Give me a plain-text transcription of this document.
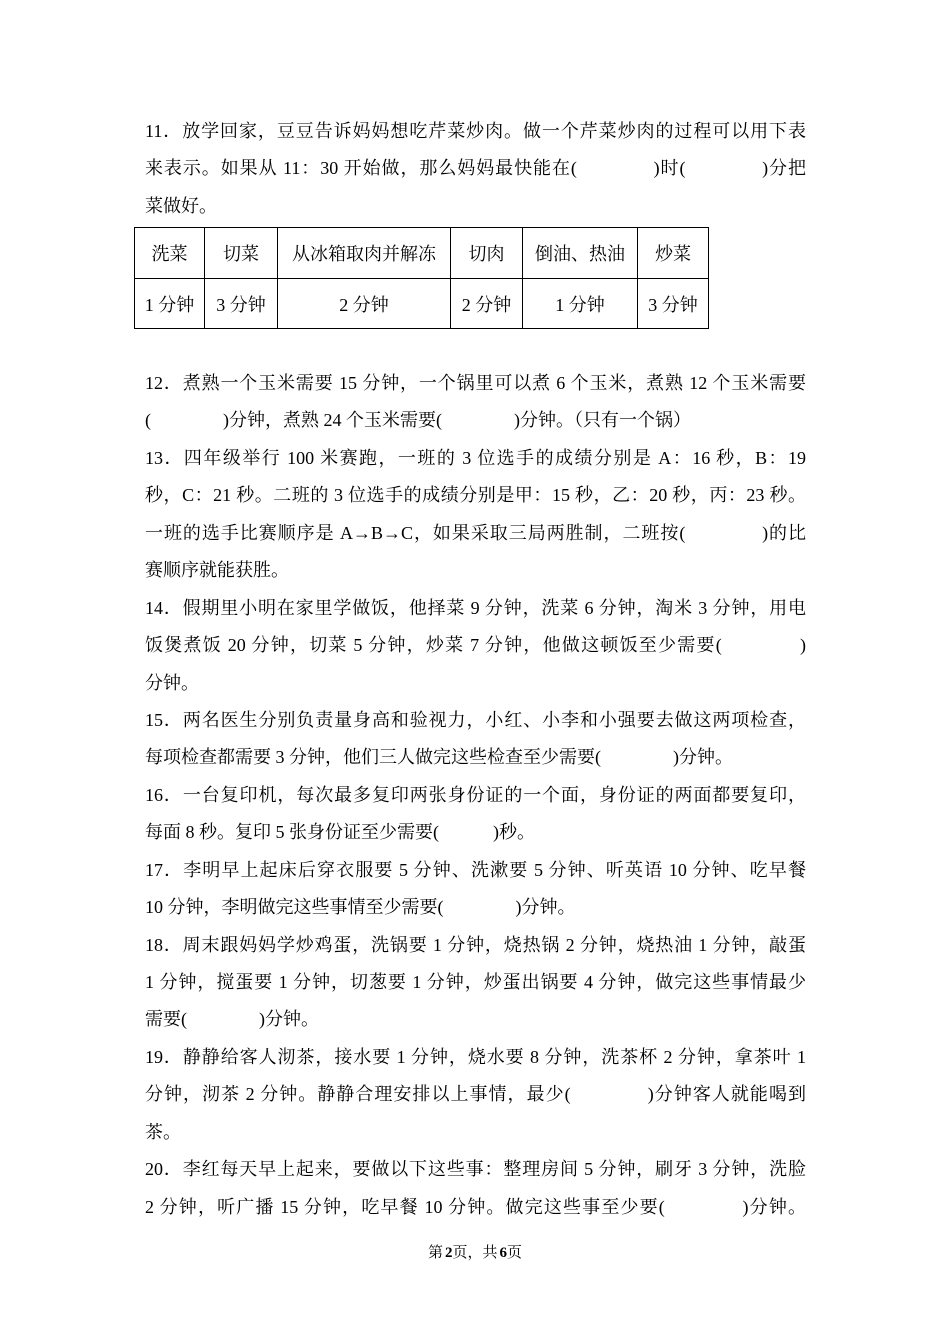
11．放学回家，豆豆告诉妈妈想吃芹菜炒肉。做一个芹菜炒肉的过程可以用下表
来表示。如果从 11：30 开始做，那么妈妈最快能在(　　　　)时(　　　　)分把
菜做好。
洗菜	切菜	从冰箱取肉并解冻	切肉	倒油、热油	炒菜
1 分钟	3 分钟	2 分钟	2 分钟	1 分钟	3 分钟
12．煮熟一个玉米需要 15 分钟，一个锅里可以煮 6 个玉米，煮熟 12 个玉米需要
(　　　　)分钟，煮熟 24 个玉米需要(　　　　)分钟。（只有一个锅）
13．四年级举行 100 米赛跑，一班的 3 位选手的成绩分别是 A：16 秒，B：19
秒，C：21 秒。二班的 3 位选手的成绩分别是甲：15 秒，乙：20 秒，丙：23 秒。
一班的选手比赛顺序是 A→B→C，如果采取三局两胜制，二班按(　　　　)的比
赛顺序就能获胜。
14．假期里小明在家里学做饭，他择菜 9 分钟，洗菜 6 分钟，淘米 3 分钟，用电
饭煲煮饭 20 分钟，切菜 5 分钟，炒菜 7 分钟，他做这顿饭至少需要(　　　　)
分钟。
15．两名医生分别负责量身高和验视力，小红、小李和小强要去做这两项检查，
每项检查都需要 3 分钟，他们三人做完这些检查至少需要(　　　　)分钟。
16．一台复印机，每次最多复印两张身份证的一个面，身份证的两面都要复印，
每面 8 秒。复印 5 张身份证至少需要(　　　)秒。
17．李明早上起床后穿衣服要 5 分钟、洗漱要 5 分钟、听英语 10 分钟、吃早餐
10 分钟，李明做完这些事情至少需要(　　　　)分钟。
18．周末跟妈妈学炒鸡蛋，洗锅要 1 分钟，烧热锅 2 分钟，烧热油 1 分钟，敲蛋
1 分钟，搅蛋要 1 分钟，切葱要 1 分钟，炒蛋出锅要 4 分钟，做完这些事情最少
需要(　　　　)分钟。
19．静静给客人沏茶，接水要 1 分钟，烧水要 8 分钟，洗茶杯 2 分钟，拿茶叶 1
分钟，沏茶 2 分钟。静静合理安排以上事情，最少(　　　　)分钟客人就能喝到
茶。
20．李红每天早上起来，要做以下这些事：整理房间 5 分钟，刷牙 3 分钟，洗脸
2 分钟，听广播 15 分钟，吃早餐 10 分钟。做完这些事至少要(　　　　)分钟。
第 2页，共 6页
